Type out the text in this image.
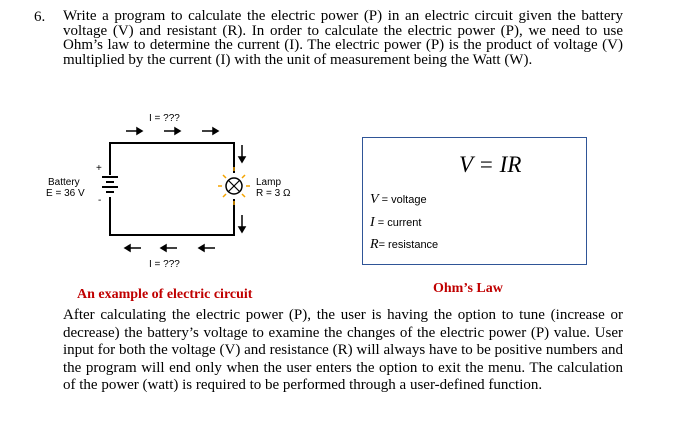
6. Write a program to calculate the electric power (P) in an electric circuit given the battery voltage (V) and resistant (R). In order to calculate the electric power (P), we need to use Ohm’s law to determine the current (I). The electric power (P) is the product of voltage (V) multiplied by the current (I) with the unit of measurement being the Watt (W).
+
-
I = ???
I = ???
Battery
E = 36 V
Lamp
R = 3 Ω
V = IR
V = voltage
I = current
R= resistance
An example of electric circuit	Ohm’s Law
After calculating the electric power (P), the user is having the option to tune (increase or decrease) the battery’s voltage to examine the changes of the electric power (P) value. User input for both the voltage (V) and resistance (R) will always have to be positive numbers and the program will end only when the user enters the option to exit the menu. The calculation of the power (watt) is required to be performed through a user-defined function.
